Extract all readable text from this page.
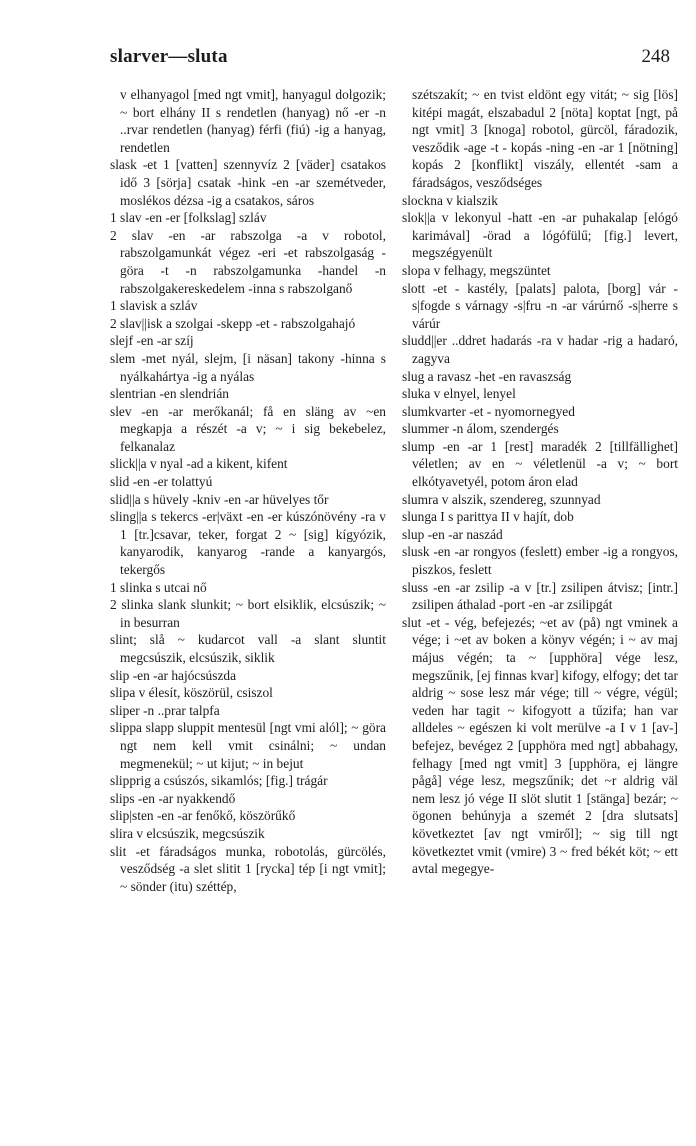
slarver—sluta	248

v elhanyagol [med ngt vmit], hanyagul dolgozik; ~ bort elhány II s rendetlen (hanyag) nő -er -n ..rvar rendetlen (hanyag) férfi (fiú) -ig a hanyag, rendetlen

slask -et 1 [vatten] szennyvíz 2 [väder] csatakos idő 3 [sörja] csatak -hink -en -ar szemétveder, moslékos dézsa -ig a csatakos, sáros

1 slav -en -er [folkslag] szláv

2 slav -en -ar rabszolga -a v robotol, rabszolgamunkát végez -eri -et rabszolgaság -göra -t -n rabszolgamunka -handel -n rabszolgakereskedelem -inna s rabszolganő

1 slavisk a szláv

2 slav||isk a szolgai -skepp -et - rabszolgahajó

slejf -en -ar szíj

slem -met nyál, slejm, [i näsan] takony -hinna s nyálkahártya -ig a nyálas

slentrian -en slendrián

slev -en -ar merőkanál; få en släng av ~en megkapja a részét -a v; ~ i sig bekebelez, felkanalaz

slick||a v nyal -ad a kikent, kifent

slid -en -er tolattyú

slid||a s hüvely -kniv -en -ar hüvelyes tőr

sling||a s tekercs -er|växt -en -er kúszónövény -ra v 1 [tr.]csavar, teker, forgat 2 ~ [sig] kígyózik, kanyarodik, kanyarog -rande a kanyargós, tekergős

1 slinka s utcai nő

2 slinka slank slunkit; ~ bort elsiklik, elcsúszik; ~ in besurran

slint; slå ~ kudarcot vall -a slant sluntit megcsúszik, elcsúszik, siklik

slip -en -ar hajócsúszda

slipa v élesít, köszörül, csiszol

sliper -n ..prar talpfa

slippa slapp sluppit mentesül [ngt vmi alól]; ~ göra ngt nem kell vmit csinálni; ~ undan megmenekül; ~ ut kijut; ~ in bejut

slipprig a csúszós, sikamlós; [fig.] trágár

slips -en -ar nyakkendő

slip|sten -en -ar fenőkő, köszörűkő

slira v elcsúszik, megcsúszik

slit -et fáradságos munka, robotolás, gürcölés, vesződség -a slet slitit 1 [rycka] tép [i ngt vmit]; ~ sönder (itu) széttép,

szétszakít; ~ en tvist eldönt egy vitát; ~ sig [lös] kitépi magát, elszabadul 2 [nöta] koptat [ngt, på ngt vmit] 3 [knoga] robotol, gürcöl, fáradozik, vesződik -age -t - kopás -ning -en -ar 1 [nötning] kopás 2 [konflikt] viszály, ellentét -sam a fáradságos, vesződséges

slockna v kialszik

slok||a v lekonyul -hatt -en -ar puhakalap [elógó karimával] -örad a lógófülű; [fig.] levert, megszégyenült

slopa v felhagy, megszüntet

slott -et - kastély, [palats] palota, [borg] vár -s|fogde s várnagy -s|fru -n -ar várúrnő -s|herre s várúr

sludd||er ..ddret hadarás -ra v hadar -rig a hadaró, zagyva

slug a ravasz -het -en ravaszság

sluka v elnyel, lenyel

slumkvarter -et - nyomornegyed

slummer -n álom, szendergés

slump -en -ar 1 [rest] maradék 2 [tillfällighet] véletlen; av en ~ véletlenül -a v; ~ bort elkótyavetyél, potom áron elad

slumra v alszik, szendereg, szunnyad

slunga I s parittya II v hajít, dob

slup -en -ar naszád

slusk -en -ar rongyos (feslett) ember -ig a rongyos, piszkos, feslett

sluss -en -ar zsilip -a v [tr.] zsilipen átvisz; [intr.] zsilipen áthalad -port -en -ar zsilipgát

slut -et - vég, befejezés; ~et av (på) ngt vminek a vége; i ~et av boken a könyv végén; i ~ av maj május végén; ta ~ [upphöra] vége lesz, megszűnik, [ej finnas kvar] kifogy, elfogy; det tar aldrig ~ sose lesz már vége; till ~ végre, végül; veden har tagit ~ kifogyott a tűzifa; han var alldeles ~ egészen ki volt merülve -a I v 1 [av-] befejez, bevégez 2 [upphöra med ngt] abbahagy, felhagy [med ngt vmit] 3 [upphöra, ej längre pågå] vége lesz, megszűnik; det ~r aldrig väl nem lesz jó vége II slöt slutit 1 [stänga] bezár; ~ ögonen behúnyja a szemét 2 [dra slutsats] következtet [av ngt vmiről]; ~ sig till ngt következtet vmit (vmire) 3 ~ fred békét köt; ~ ett avtal megegye-
